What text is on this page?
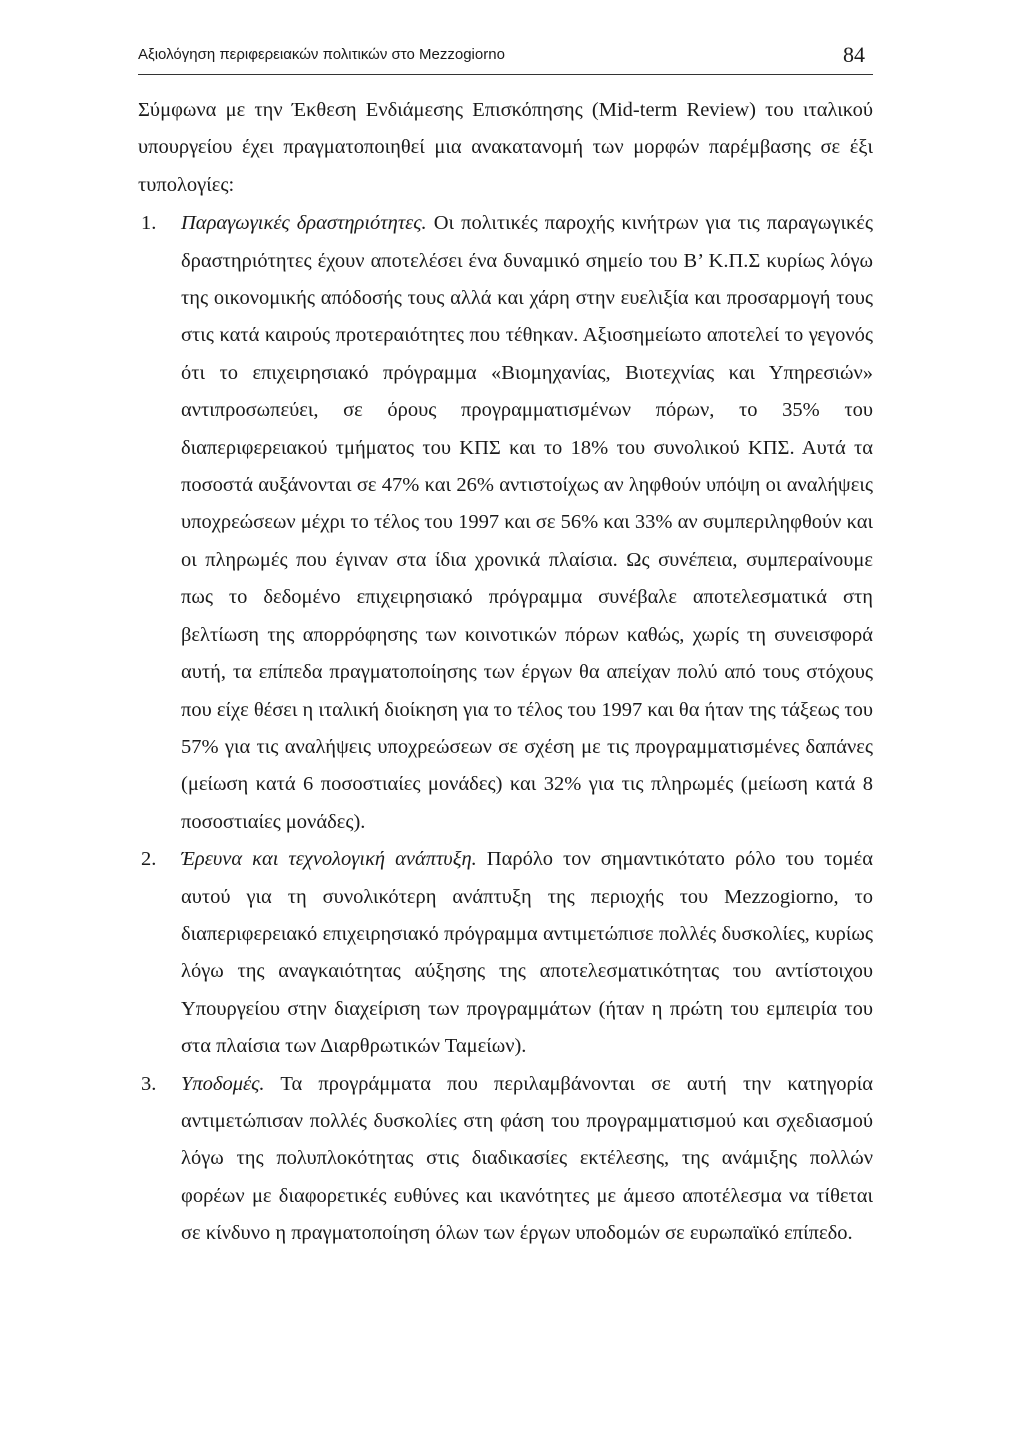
Αξιολόγηση περιφερειακών πολιτικών στο Mezzogiorno	84

Σύμφωνα με την Έκθεση Ενδιάμεσης Επισκόπησης (Mid-term Review) του ιταλικού υπουργείου έχει πραγματοποιηθεί μια ανακατανομή των μορφών παρέμβασης σε έξι τυπολογίες:

1. Παραγωγικές δραστηριότητες. Οι πολιτικές παροχής κινήτρων για τις παραγωγικές δραστηριότητες έχουν αποτελέσει ένα δυναμικό σημείο του Β’ Κ.Π.Σ κυρίως λόγω της οικονομικής απόδοσής τους αλλά και χάρη στην ευελιξία και προσαρμογή τους στις κατά καιρούς προτεραιότητες που τέθηκαν. Αξιοσημείωτο αποτελεί το γεγονός ότι το επιχειρησιακό πρόγραμμα «Βιομηχανίας, Βιοτεχνίας και Υπηρεσιών» αντιπροσωπεύει, σε όρους προγραμματισμένων πόρων, το 35% του διαπεριφερειακού τμήματος του ΚΠΣ και το 18% του συνολικού ΚΠΣ. Αυτά τα ποσοστά αυξάνονται σε 47% και 26% αντιστοίχως αν ληφθούν υπόψη οι αναλήψεις υποχρεώσεων μέχρι το τέλος του 1997 και σε 56% και 33% αν συμπεριληφθούν και οι πληρωμές που έγιναν στα ίδια χρονικά πλαίσια. Ως συνέπεια, συμπεραίνουμε πως το δεδομένο επιχειρησιακό πρόγραμμα συνέβαλε αποτελεσματικά στη βελτίωση της απορρόφησης των κοινοτικών πόρων καθώς, χωρίς τη συνεισφορά αυτή, τα επίπεδα πραγματοποίησης των έργων θα απείχαν πολύ από τους στόχους που είχε θέσει η ιταλική διοίκηση για το τέλος του 1997 και θα ήταν της τάξεως του 57% για τις αναλήψεις υποχρεώσεων σε σχέση με τις προγραμματισμένες δαπάνες (μείωση κατά 6 ποσοστιαίες μονάδες) και 32% για τις πληρωμές (μείωση κατά 8 ποσοστιαίες μονάδες).

2. Έρευνα και τεχνολογική ανάπτυξη. Παρόλο τον σημαντικότατο ρόλο του τομέα αυτού για τη συνολικότερη ανάπτυξη της περιοχής του Mezzogiorno, το διαπεριφερειακό επιχειρησιακό πρόγραμμα αντιμετώπισε πολλές δυσκολίες, κυρίως λόγω της αναγκαιότητας αύξησης της αποτελεσματικότητας του αντίστοιχου Υπουργείου στην διαχείριση των προγραμμάτων (ήταν η πρώτη του εμπειρία του στα πλαίσια των Διαρθρωτικών Ταμείων).

3. Υποδομές. Τα προγράμματα που περιλαμβάνονται σε αυτή την κατηγορία αντιμετώπισαν πολλές δυσκολίες στη φάση του προγραμματισμού και σχεδιασμού λόγω της πολυπλοκότητας στις διαδικασίες εκτέλεσης, της ανάμιξης πολλών φορέων με διαφορετικές ευθύνες και ικανότητες με άμεσο αποτέλεσμα να τίθεται σε κίνδυνο η πραγματοποίηση όλων των έργων υποδομών σε ευρωπαϊκό επίπεδο.
